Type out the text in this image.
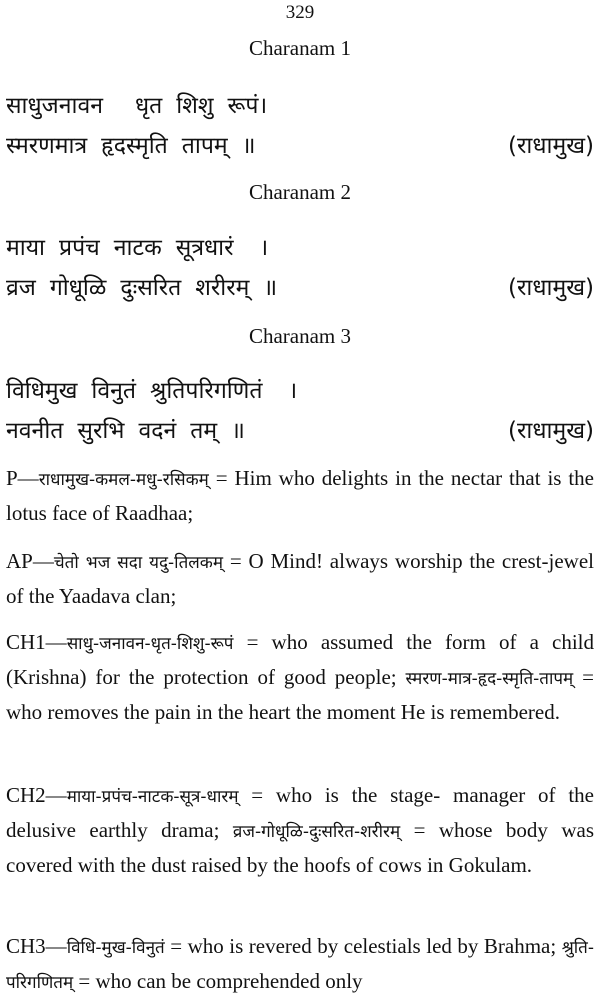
329
Charanam 1
साधुजनावन धृत शिशु रूपं।
स्मरणमात्र हृदस्मृति तापम् ॥	(राधामुख)
Charanam 2
माया प्रपंच नाटक सूत्रधारं ।
व्रज गोधूळि दुःसरित शरीरम् ॥	(राधामुख)
Charanam 3
विधिमुख विनुतं श्रुतिपरिगणितं ।
नवनीत सुरभि वदनं तम् ॥	(राधामुख)
P—राधामुख-कमल-मधु-रसिकम् = Him who delights in the nectar that is the lotus face of Raadhaa;
AP—चेतो भज सदा यदु-तिलकम् = O Mind! always worship the crest-jewel of the Yaadava clan;
CH1—साधु-जनावन-धृत-शिशु-रूपं = who assumed the form of a child (Krishna) for the protection of good people; स्मरण-मात्र-हृद-स्मृति-तापम् = who removes the pain in the heart the moment He is remembered.
CH2—माया-प्रपंच-नाटक-सूत्र-धारम् = who is the stage- manager of the delusive earthly drama; व्रज-गोधूळि-दुःसरित-शरीरम् = whose body was covered with the dust raised by the hoofs of cows in Gokulam.
CH3—विधि-मुख-विनुतं = who is revered by celestials led by Brahma; श्रुति-परिगणितम् = who can be comprehended only
